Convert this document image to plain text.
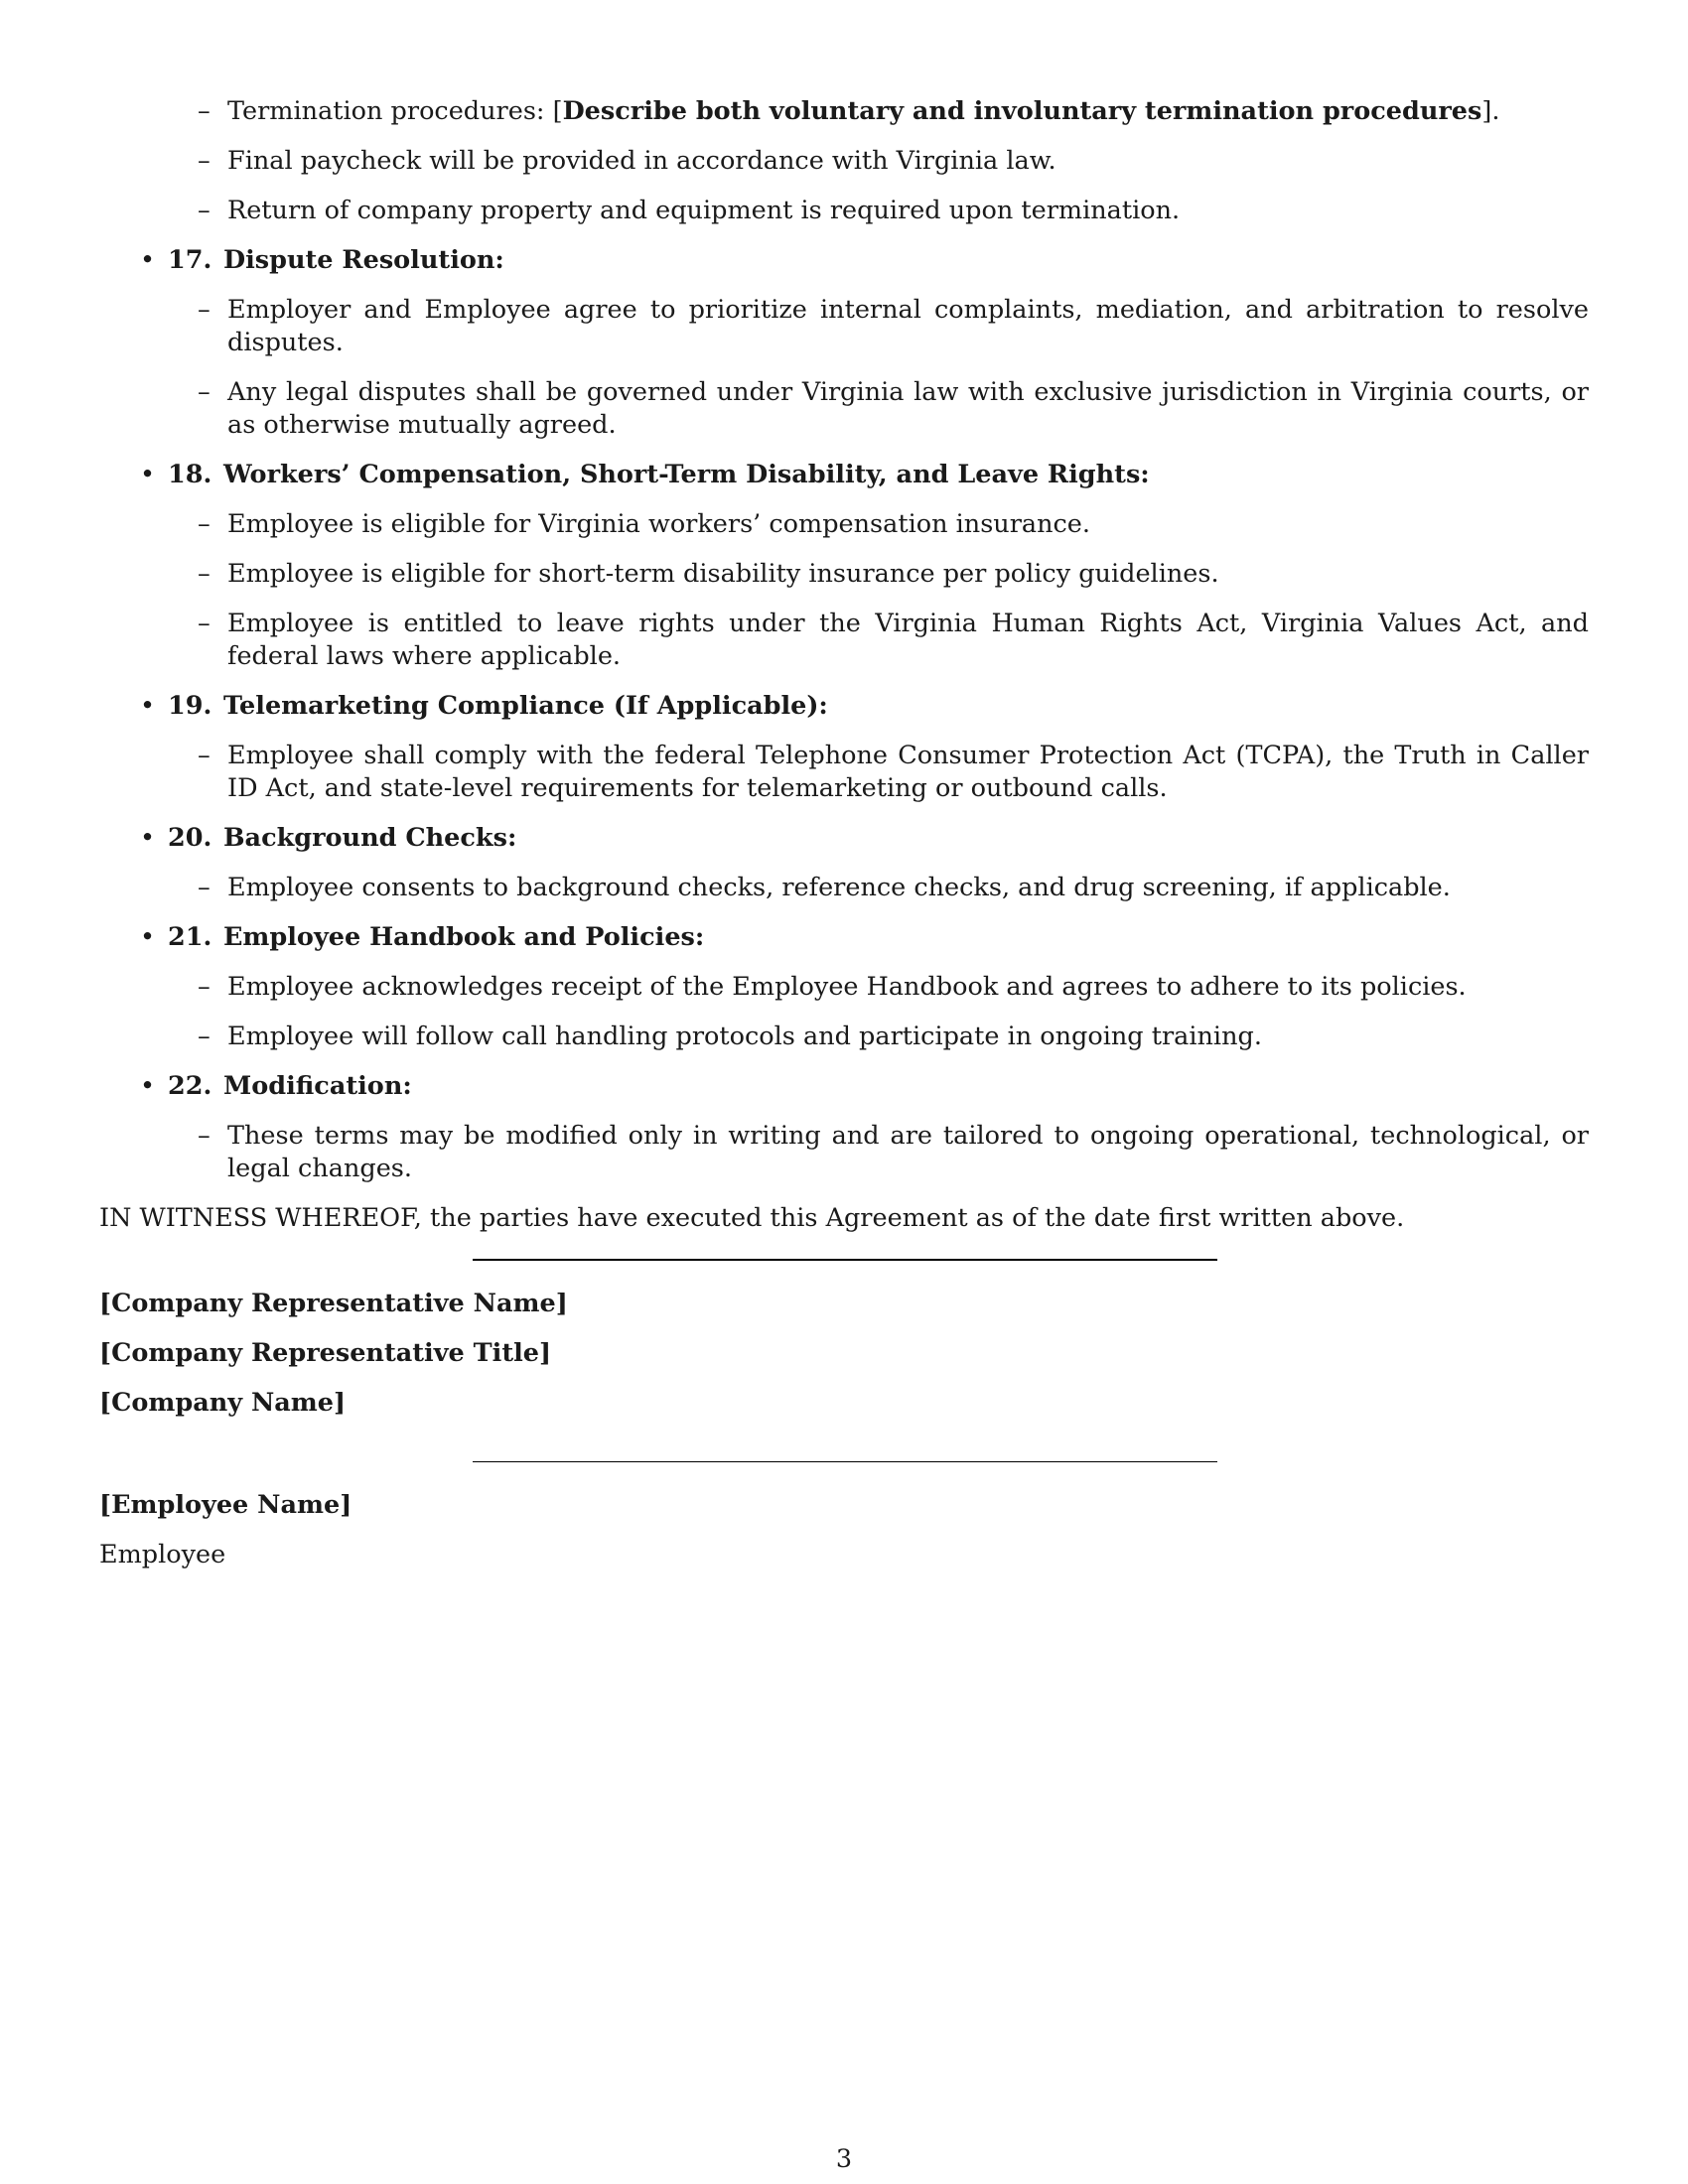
– Termination procedures: [Describe both voluntary and involuntary termination procedures].
– Final paycheck will be provided in accordance with Virginia law.
– Return of company property and equipment is required upon termination.
• 17. Dispute Resolution:
– Employer and Employee agree to prioritize internal complaints, mediation, and arbitration to resolve disputes.
– Any legal disputes shall be governed under Virginia law with exclusive jurisdiction in Virginia courts, or as otherwise mutually agreed.
• 18. Workers’ Compensation, Short-Term Disability, and Leave Rights:
– Employee is eligible for Virginia workers’ compensation insurance.
– Employee is eligible for short-term disability insurance per policy guidelines.
– Employee is entitled to leave rights under the Virginia Human Rights Act, Virginia Values Act, and federal laws where applicable.
• 19. Telemarketing Compliance (If Applicable):
– Employee shall comply with the federal Telephone Consumer Protection Act (TCPA), the Truth in Caller ID Act, and state-level requirements for telemarketing or outbound calls.
• 20. Background Checks:
– Employee consents to background checks, reference checks, and drug screening, if applicable.
• 21. Employee Handbook and Policies:
– Employee acknowledges receipt of the Employee Handbook and agrees to adhere to its policies.
– Employee will follow call handling protocols and participate in ongoing training.
• 22. Modification:
– These terms may be modified only in writing and are tailored to ongoing operational, technological, or legal changes.
IN WITNESS WHEREOF, the parties have executed this Agreement as of the date first written above.
[Company Representative Name]
[Company Representative Title]
[Company Name]
[Employee Name]
Employee
3
